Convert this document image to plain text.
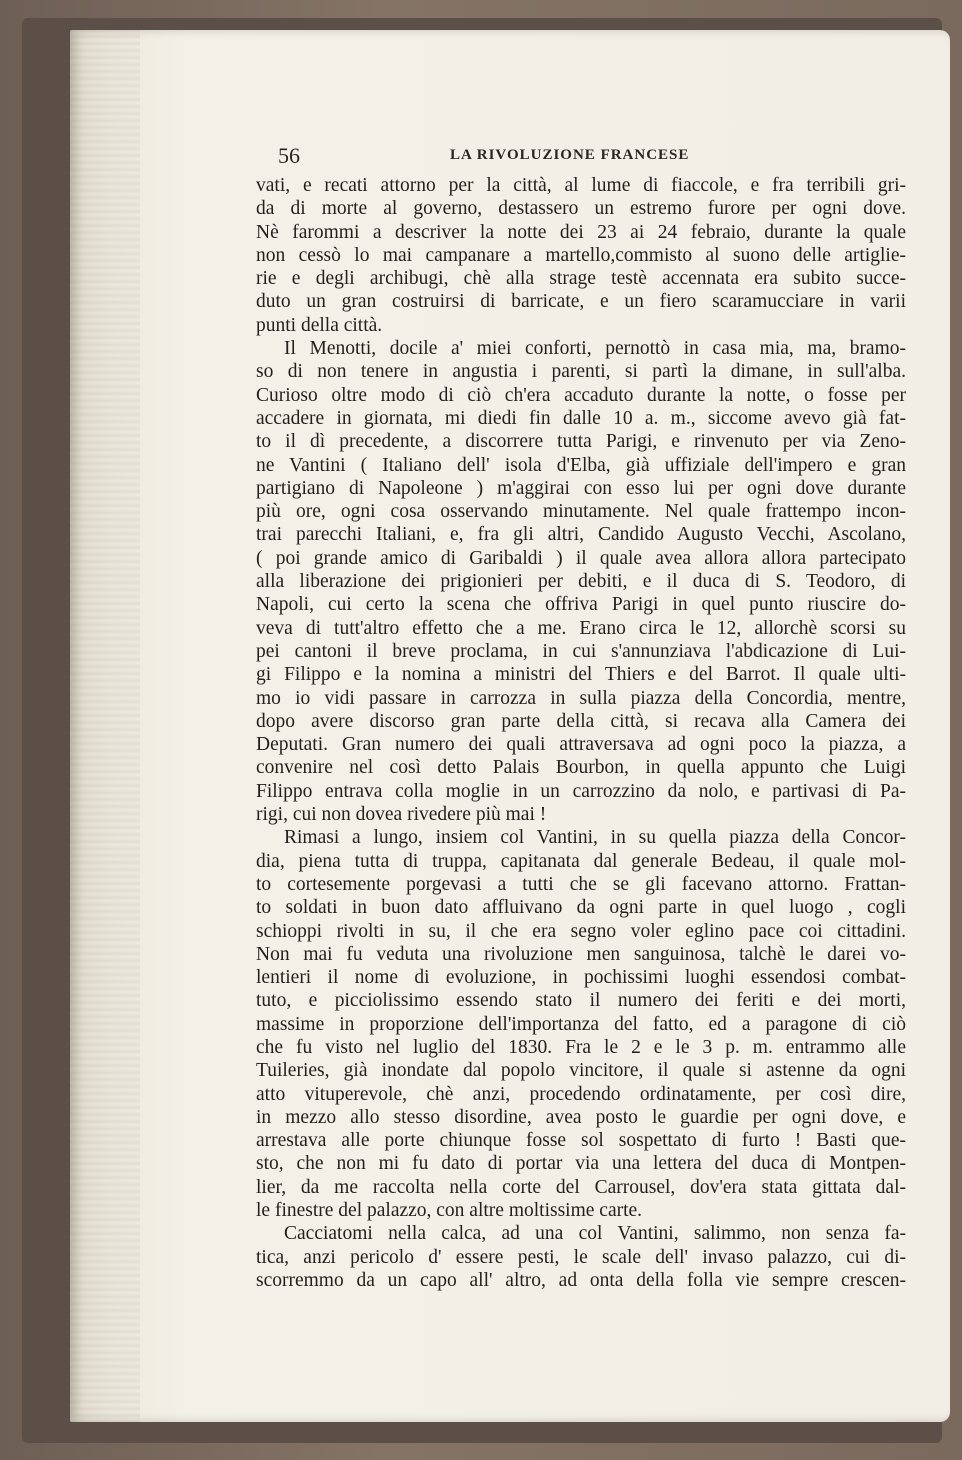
56	LA RIVOLUZIONE FRANCESE
vati, e recati attorno per la città, al lume di fiaccole, e fra terribili gri-
da di morte al governo, destassero un estremo furore per ogni dove.
Nè farommi a descriver la notte dei 23 ai 24 febraio, durante la quale
non cessò lo mai campanare a martello,commisto al suono delle artiglie-
rie e degli archibugi, chè alla strage testè accennata era subito succe-
duto un gran costruirsi di barricate, e un fiero scaramucciare in varii
punti della città.
Il Menotti, docile a' miei conforti, pernottò in casa mia, ma, bramo-
so di non tenere in angustia i parenti, si partì la dimane, in sull'alba.
Curioso oltre modo di ciò ch'era accaduto durante la notte, o fosse per
accadere in giornata, mi diedi fin dalle 10 a. m., siccome avevo già fat-
to il dì precedente, a discorrere tutta Parigi, e rinvenuto per via Zeno-
ne Vantini ( Italiano dell' isola d'Elba, già uffiziale dell'impero e gran
partigiano di Napoleone ) m'aggirai con esso lui per ogni dove durante
più ore, ogni cosa osservando minutamente. Nel quale frattempo incon-
trai parecchi Italiani, e, fra gli altri, Candido Augusto Vecchi, Ascolano,
( poi grande amico di Garibaldi ) il quale avea allora allora partecipato
alla liberazione dei prigionieri per debiti, e il duca di S. Teodoro, di
Napoli, cui certo la scena che offriva Parigi in quel punto riuscire do-
veva di tutt'altro effetto che a me. Erano circa le 12, allorchè scorsi su
pei cantoni il breve proclama, in cui s'annunziava l'abdicazione di Lui-
gi Filippo e la nomina a ministri del Thiers e del Barrot. Il quale ulti-
mo io vidi passare in carrozza in sulla piazza della Concordia, mentre,
dopo avere discorso gran parte della città, si recava alla Camera dei
Deputati. Gran numero dei quali attraversava ad ogni poco la piazza, a
convenire nel così detto Palais Bourbon, in quella appunto che Luigi
Filippo entrava colla moglie in un carrozzino da nolo, e partivasi di Pa-
rigi, cui non dovea rivedere più mai !
Rimasi a lungo, insiem col Vantini, in su quella piazza della Concor-
dia, piena tutta di truppa, capitanata dal generale Bedeau, il quale mol-
to cortesemente porgevasi a tutti che se gli facevano attorno. Frattan-
to soldati in buon dato affluivano da ogni parte in quel luogo , cogli
schioppi rivolti in su, il che era segno voler eglino pace coi cittadini.
Non mai fu veduta una rivoluzione men sanguinosa, talchè le darei vo-
lentieri il nome di evoluzione, in pochissimi luoghi essendosi combat-
tuto, e picciolissimo essendo stato il numero dei feriti e dei morti,
massime in proporzione dell'importanza del fatto, ed a paragone di ciò
che fu visto nel luglio del 1830. Fra le 2 e le 3 p. m. entrammo alle
Tuileries, già inondate dal popolo vincitore, il quale si astenne da ogni
atto vituperevole, chè anzi, procedendo ordinatamente, per così dire,
in mezzo allo stesso disordine, avea posto le guardie per ogni dove, e
arrestava alle porte chiunque fosse sol sospettato di furto ! Basti que-
sto, che non mi fu dato di portar via una lettera del duca di Montpen-
lier, da me raccolta nella corte del Carrousel, dov'era stata gittata dal-
le finestre del palazzo, con altre moltissime carte.
Cacciatomi nella calca, ad una col Vantini, salimmo, non senza fa-
tica, anzi pericolo d' essere pesti, le scale dell' invaso palazzo, cui di-
scorremmo da un capo all' altro, ad onta della folla vie sempre crescen-
